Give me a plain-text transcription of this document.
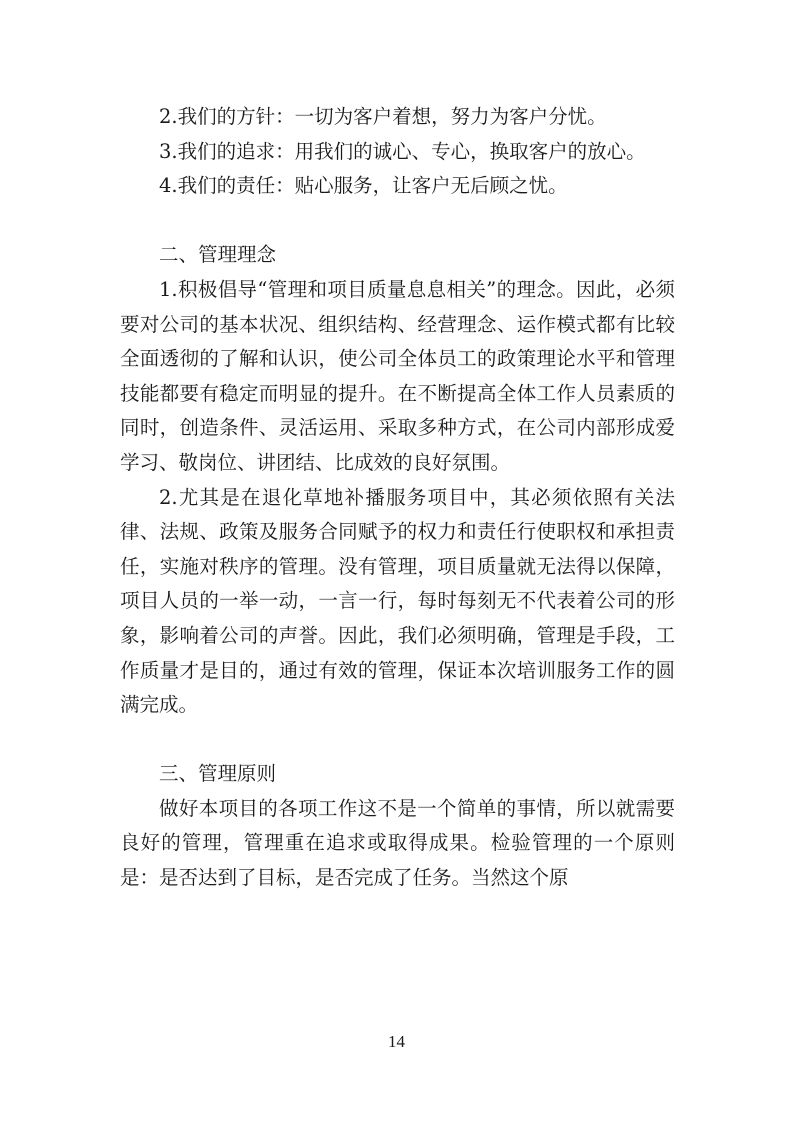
2.我们的方针：一切为客户着想，努力为客户分忧。

3.我们的追求：用我们的诚心、专心，换取客户的放心。

4.我们的责任：贴心服务，让客户无后顾之忧。

二、管理理念

1.积极倡导“管理和项目质量息息相关”的理念。因此，必须要对公司的基本状况、组织结构、经营理念、运作模式都有比较全面透彻的了解和认识，使公司全体员工的政策理论水平和管理技能都要有稳定而明显的提升。在不断提高全体工作人员素质的同时，创造条件、灵活运用、采取多种方式，在公司内部形成爱学习、敬岗位、讲团结、比成效的良好氛围。

2.尤其是在退化草地补播服务项目中，其必须依照有关法律、法规、政策及服务合同赋予的权力和责任行使职权和承担责任，实施对秩序的管理。没有管理，项目质量就无法得以保障，项目人员的一举一动，一言一行，每时每刻无不代表着公司的形象，影响着公司的声誉。因此，我们必须明确，管理是手段，工作质量才是目的，通过有效的管理，保证本次培训服务工作的圆满完成。

三、管理原则

做好本项目的各项工作这不是一个简单的事情，所以就需要良好的管理，管理重在追求或取得成果。检验管理的一个原则是：是否达到了目标，是否完成了任务。当然这个原

14
